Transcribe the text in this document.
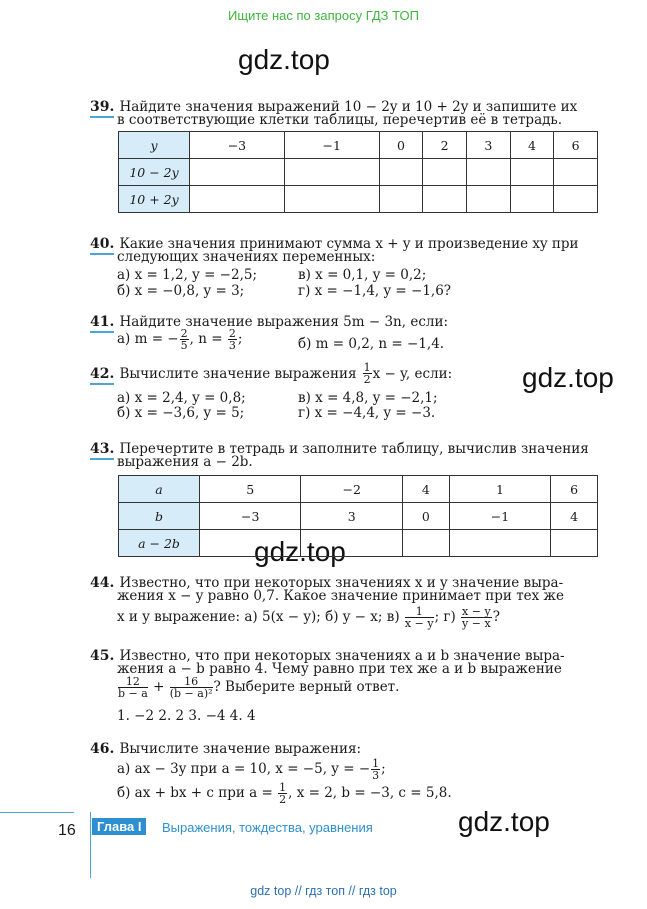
Ищите нас по запросу ГДЗ ТОП
gdz.top
gdz.top
gdz.top
gdz.top
39. Найдите значения выражений 10 − 2y и 10 + 2y и запишите их
в соответствующие клетки таблицы, перечертив её в тетрадь.
y	−3	−1	0	2	3	4	6
10 − 2y							
10 + 2y							
40. Какие значения принимают сумма x + y и произведение xy при
следующих значениях переменных:
а) x = 1,2, y = −2,5;	в) x = 0,1, y = 0,2;
б) x = −0,8, y = 3;	г) x = −1,4, y = −1,6?
41. Найдите значение выражения 5m − 3n, если:
а) m = − $\frac{2}{5}$ , $n = \frac{2}{3}$ ;	б) m = 0,2, n = −1,4.
42. Вычислите значение выражения $\frac{1}{2}$ x − y, если:
а) x = 2,4, y = 0,8;	в) x = 4,8, y = −2,1;
б) x = −3,6, y = 5;	г) x = −4,4, y = −3.
43. Перечертите в тетрадь и заполните таблицу, вычислив значения
выражения a − 2b.
a	5	−2	4	1	6
b	−3	3	0	−1	4
a − 2b					
44. Известно, что при некоторых значениях x и y значение выра-
жения x − y равно 0,7. Какое значение принимает при тех же
x и y выражение: а) 5(x − y); б) y − x; $в) \frac{1}{x - y}$ ; $г) \frac{x - y}{y - x}$ ?
45. Известно, что при некоторых значениях a и b значение выра-
жения a − b равно 4. Чему равно при тех же a и b выражение
$\frac{12}{b - a} + \frac{16}{\text{(b − a)²}}$ ? Выберите верный ответ.
1. −2 2. 2 3. −4 4. 4
46. Вычислите значение выражения:
а) ax − 3y при a = 10, x = −5, y = − $\frac{1}{3}$ ;
б) ax + bx + c при $a = \frac{1}{2}$ , x = 2, b = −3, c = 5,8.
16	Глава I	Выражения, тождества, уравнения
gdz top // гдз топ // гдз top
